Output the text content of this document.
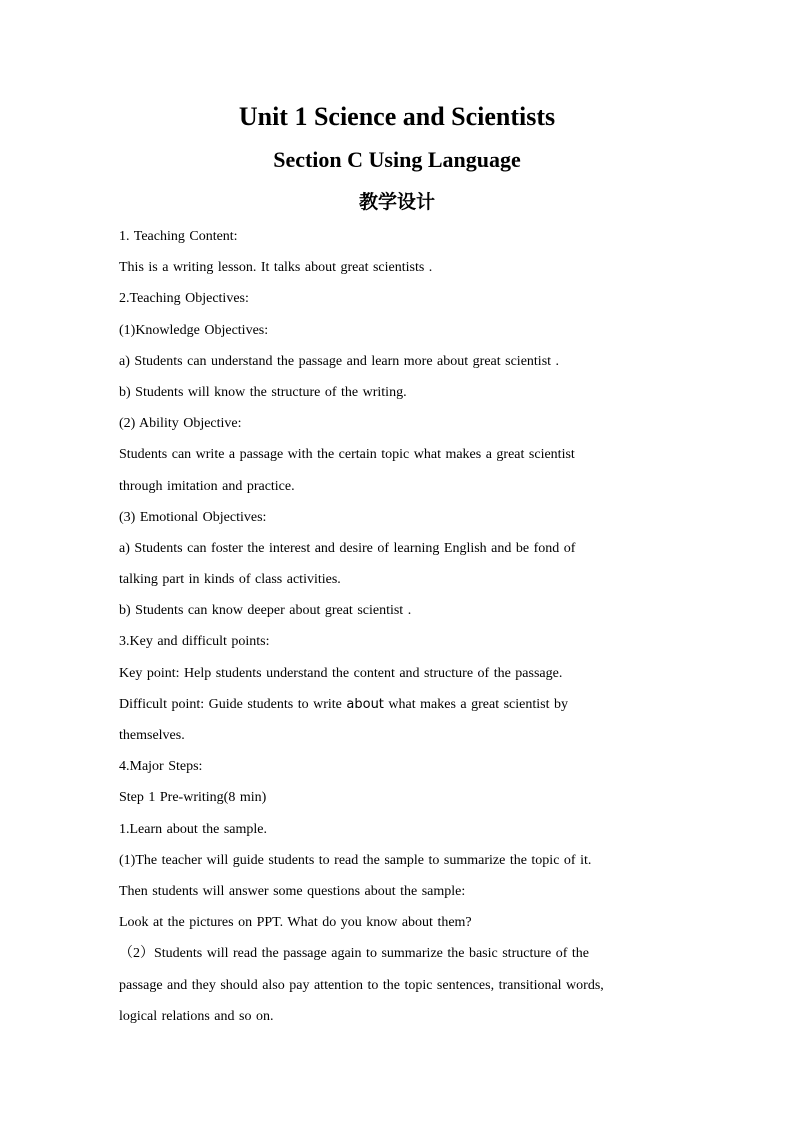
Unit 1 Science and Scientists
Section C Using Language
教学设计
1. Teaching Content:
This is a writing lesson. It talks about great scientists .
2.Teaching Objectives:
(1)Knowledge Objectives:
a) Students can understand the passage and learn more about great scientist .
b) Students will know the structure of the writing.
(2) Ability Objective:
Students can write a passage with the certain topic what makes a great scientist
through imitation and practice.
(3) Emotional Objectives:
a) Students can foster the interest and desire of learning English and be fond of
talking part in kinds of class activities.
b) Students can know deeper about great scientist .
3.Key and difficult points:
Key point: Help students understand the content and structure of the passage.
Difficult point: Guide students to write about what makes a great scientist by
themselves.
4.Major Steps:
Step 1 Pre-writing(8 min)
1.Learn about the sample.
(1)The teacher will guide students to read the sample to summarize the topic of it.
Then students will answer some questions about the sample:
Look at the pictures on PPT. What do you know about them?
（2）Students will read the passage again to summarize the basic structure of the
passage and they should also pay attention to the topic sentences, transitional words,
logical relations and so on.
